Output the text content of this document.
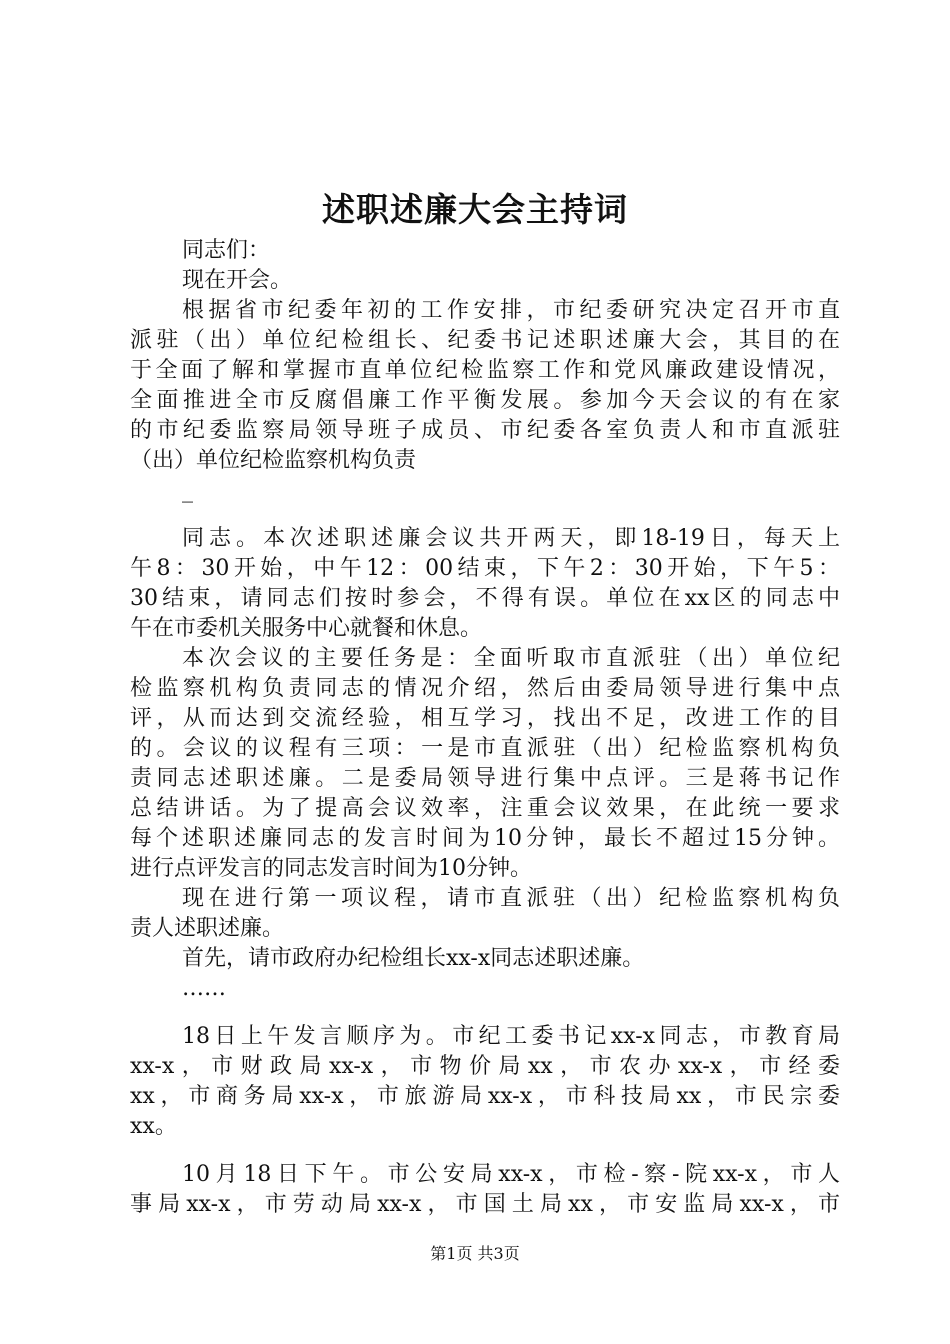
述职述廉大会主持词
同志们：
现在开会。
根据省市纪委年初的工作安排，市纪委研究决定召开市直
派驻（出）单位纪检组长、纪委书记述职述廉大会，其目的在
于全面了解和掌握市直单位纪检监察工作和党风廉政建设情况，
全面推进全市反腐倡廉工作平衡发展。参加今天会议的有在家
的市纪委监察局领导班子成员、市纪委各室负责人和市直派驻
（出）单位纪检监察机构负责
_
同志。本次述职述廉会议共开两天，即18-19日，每天上
午8：30开始，中午12：00结束，下午2：30开始，下午5：
30结束，请同志们按时参会，不得有误。单位在xx区的同志中
午在市委机关服务中心就餐和休息。
本次会议的主要任务是：全面听取市直派驻（出）单位纪
检监察机构负责同志的情况介绍，然后由委局领导进行集中点
评，从而达到交流经验，相互学习，找出不足，改进工作的目
的。会议的议程有三项：一是市直派驻（出）纪检监察机构负
责同志述职述廉。二是委局领导进行集中点评。三是蒋书记作
总结讲话。为了提高会议效率，注重会议效果，在此统一要求
每个述职述廉同志的发言时间为10分钟，最长不超过15分钟。
进行点评发言的同志发言时间为10分钟。
现在进行第一项议程，请市直派驻（出）纪检监察机构负
责人述职述廉。
首先，请市政府办纪检组长xx-x同志述职述廉。
……
18日上午发言顺序为。市纪工委书记xx-x同志，市教育局
xx-x，市财政局xx-x，市物价局xx，市农办xx-x，市经委
xx，市商务局xx-x，市旅游局xx-x，市科技局xx，市民宗委
xx。
10月18日下午。市公安局xx-x，市检-察-院xx-x，市人
事局xx-x，市劳动局xx-x，市国土局xx，市安监局xx-x，市
第1页 共3页
